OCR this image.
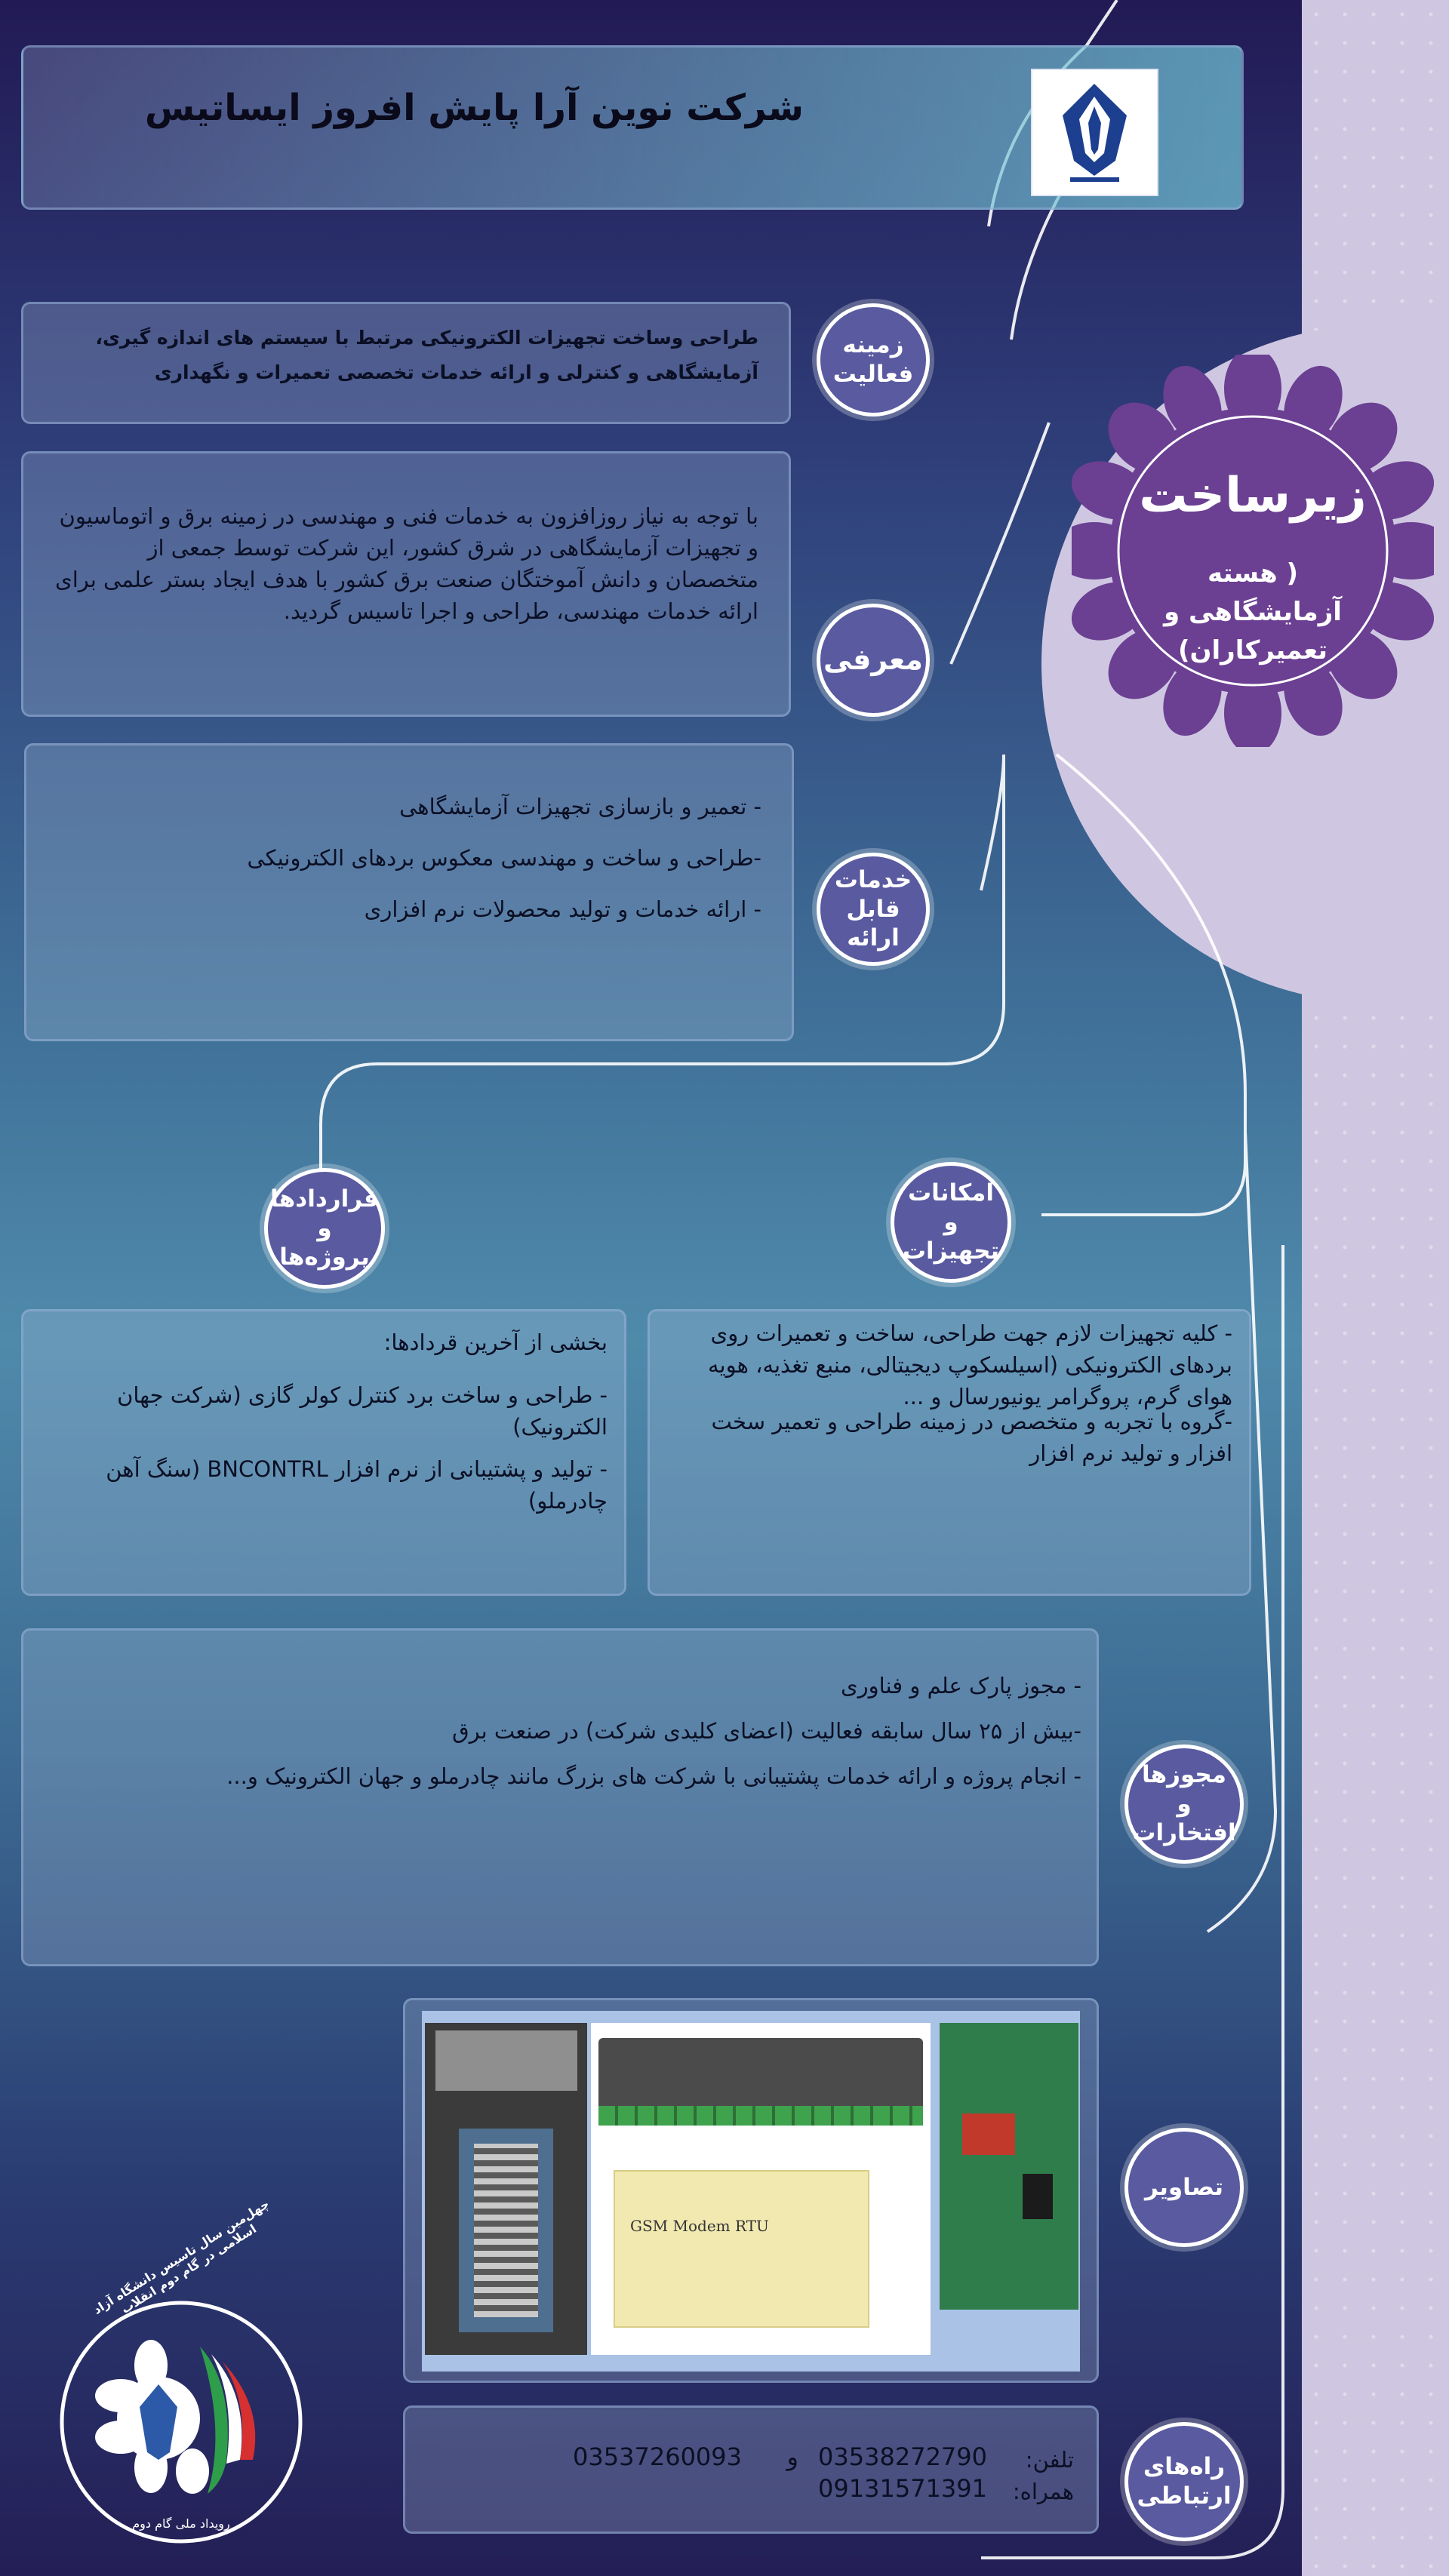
شرکت نوین آرا پایش افروز ایساتیس
زیرساخت
( هسته آزمایشگاهی و تعمیرکاران)
طراحی وساخت تجهیزات الکترونیکی مرتبط با سیستم های اندازه گیری، آزمایشگاهی و کنترلی و ارائه خدمات تخصصی تعمیرات و نگهداری
زمینه فعالیت
با توجه به نیاز روزافزون به خدمات فنی و مهندسی در زمینه برق و اتوماسیون و تجهیزات آزمایشگاهی در شرق کشور، این شرکت توسط جمعی از متخصصان و دانش آموختگان صنعت برق کشور با هدف ایجاد بستر علمی برای ارائه خدمات مهندسی، طراحی و اجرا تاسیس گردید.
معرفی
- تعمیر و بازسازی تجهیزات آزمایشگاهی
-طراحی و ساخت و مهندسی معکوس بردهای الکترونیکی
- ارائه خدمات و تولید محصولات نرم افزاری
خدمات قابل ارائه
قراردادها و پروژه‌ها
امکانات و تجهیزات
بخشی از آخرین قردادها:
- طراحی و ساخت برد کنترل کولر گازی (شرکت جهان الکترونیک)
- تولید و پشتیبانی از نرم افزار BNCONTRL (سنگ آهن چادرملو)
- کلیه تجهیزات لازم جهت طراحی، ساخت و تعمیرات روی بردهای الکترونیکی (اسیلسکوپ دیجیتالی، منبع تغذیه، هویه هوای گرم، پروگرامر یونیورسال و ...
-گروه با تجربه و متخصص در زمینه طراحی و تعمیر سخت افزار و تولید نرم افزار
- مجوز پارک علم و فناوری
-بیش از ۲۵ سال سابقه فعالیت (اعضای کلیدی شرکت) در صنعت برق
- انجام پروژه و ارائه خدمات پشتیبانی با شرکت های بزرگ مانند چادرملو و جهان الکترونیک و...	مجوزها و افتخارات
GSM Modem RTU
تصاویر
تلفن:
03538272790
و
03537260093
همراه:
09131571391
راه‌های ارتباطی
چهل‌مین سال تاسیس دانشگاه آزاد اسلامی در گام دوم انقلاب
رویداد ملی گام دوم
